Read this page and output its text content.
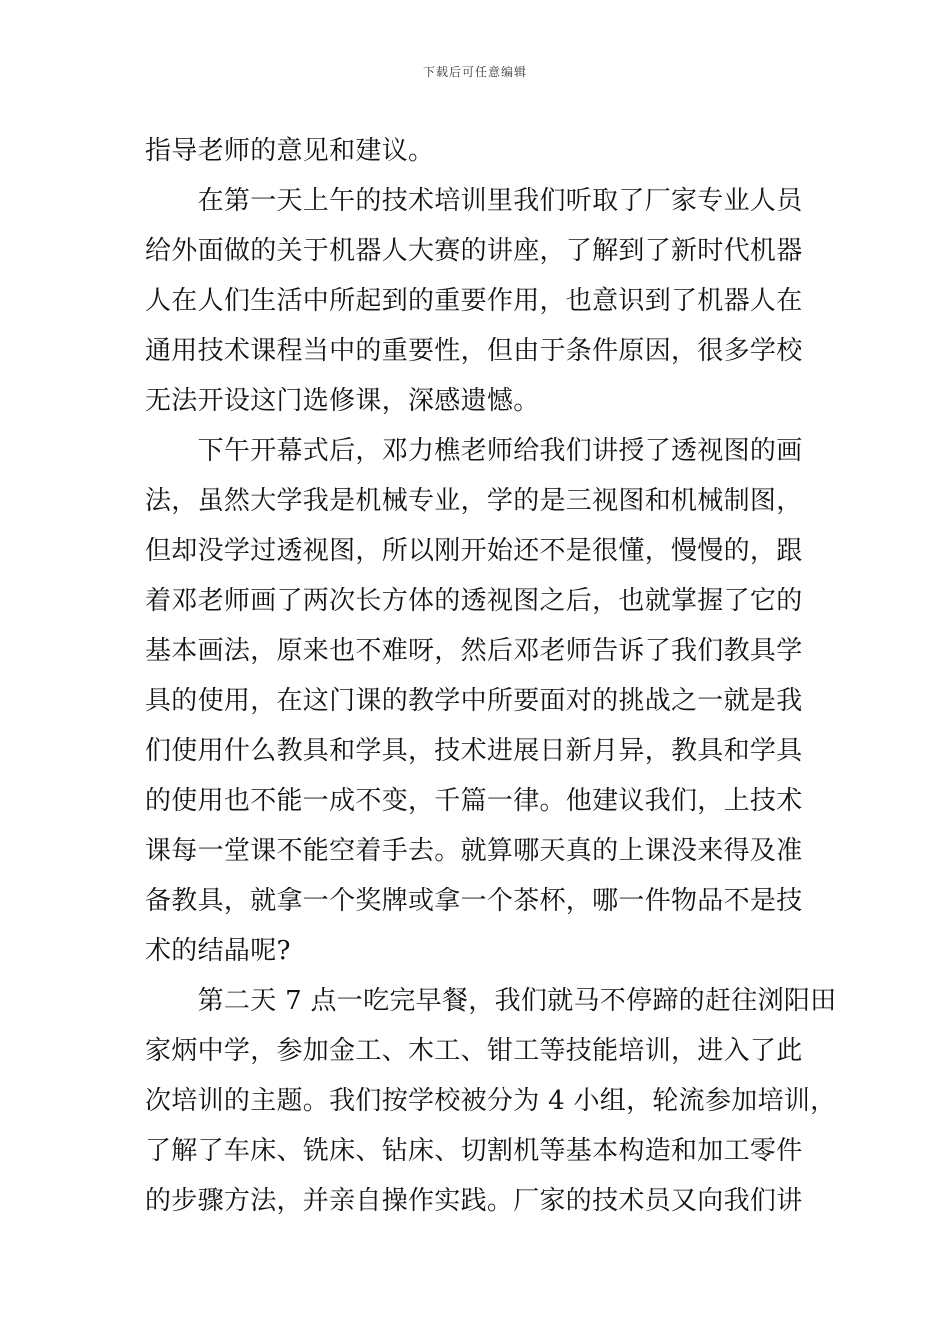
下载后可任意编辑
指导老师的意见和建议。
　　在第一天上午的技术培训里我们听取了厂家专业人员
给外面做的关于机器人大赛的讲座，了解到了新时代机器
人在人们生活中所起到的重要作用，也意识到了机器人在
通用技术课程当中的重要性，但由于条件原因，很多学校
无法开设这门选修课，深感遗憾。
　　下午开幕式后，邓力樵老师给我们讲授了透视图的画
法，虽然大学我是机械专业，学的是三视图和机械制图，
但却没学过透视图，所以刚开始还不是很懂，慢慢的，跟
着邓老师画了两次长方体的透视图之后，也就掌握了它的
基本画法，原来也不难呀，然后邓老师告诉了我们教具学
具的使用，在这门课的教学中所要面对的挑战之一就是我
们使用什么教具和学具，技术进展日新月异，教具和学具
的使用也不能一成不变，千篇一律。他建议我们，上技术
课每一堂课不能空着手去。就算哪天真的上课没来得及准
备教具，就拿一个奖牌或拿一个茶杯，哪一件物品不是技
术的结晶呢?
　　第二天 7 点一吃完早餐，我们就马不停蹄的赶往浏阳田
家炳中学，参加金工、木工、钳工等技能培训，进入了此
次培训的主题。我们按学校被分为 4 小组，轮流参加培训，
了解了车床、铣床、钻床、切割机等基本构造和加工零件
的步骤方法，并亲自操作实践。厂家的技术员又向我们讲
